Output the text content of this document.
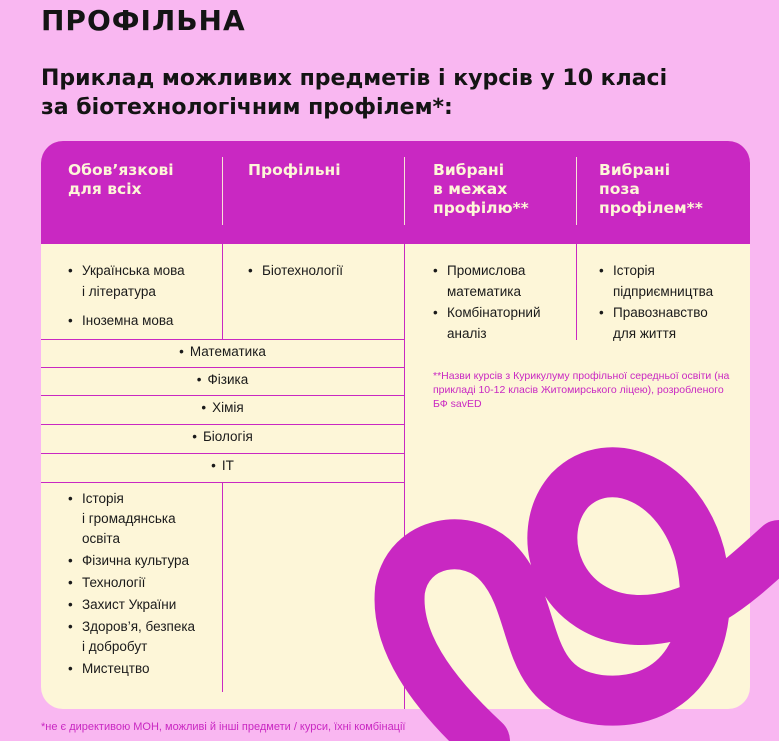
ПРОФІЛЬНА
Приклад можливих предметів і курсів у 10 класі
за біотехнологічним профілем*:
Обов’язкові
для всіх
Профільні	Вибрані
в межах
профілю**
Вибрані
поза
профілем**
• Українська мова
і література
• Іноземна мова
• Біотехнології
•	Промислова
математика
• Комбінаторний
аналіз
• Історія
підприємництва
• Правознавство
для життя
• Математика
• Фізика
• Хімія
• Біологія
• IT
• Історія
і громадянська
освіта
• Фізична культура
• Технології
• Захист України
• Здоров’я, безпека
і добробут
• Мистецтво
**Назви курсів з Курикулуму профільної середньої освіти (на прикладі 10-12 класів Житомирського ліцею), розробленого БФ savED
*не є директивою МОН, можливі й інші предмети / курси, їхні комбінації
